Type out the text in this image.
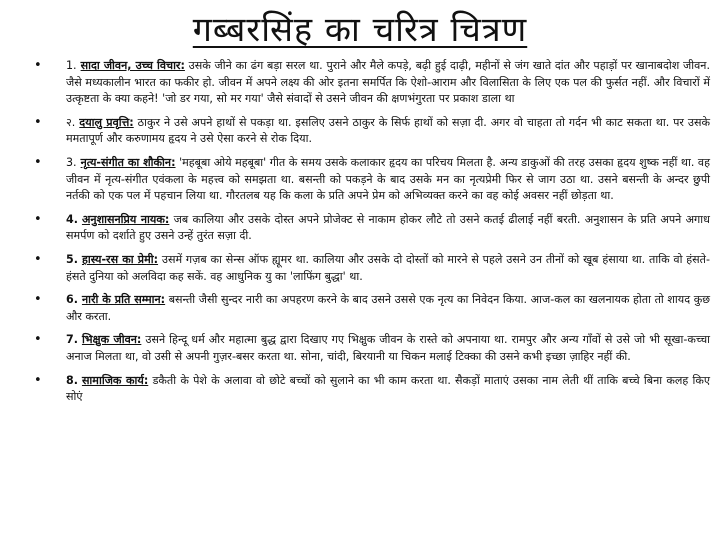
गब्बरसिंह का चरित्र चित्रण
• 1. सादा जीवन, उच्च विचार: उसके जीने का ढंग बड़ा सरल था. पुराने और मैले कपड़े, बढ़ी हुई दाढ़ी, महीनों से जंग खाते दांत और पहाड़ों पर खानाबदोश जीवन. जैसे मध्यकालीन भारत का फकीर हो. जीवन में अपने लक्ष्य की ओर इतना समर्पित कि ऐशो-आराम और विलासिता के लिए एक पल की फुर्सत नहीं. और विचारों में उत्कृष्टता के क्या कहने! 'जो डर गया, सो मर गया' जैसे संवादों से उसने जीवन की क्षणभंगुरता पर प्रकाश डाला था
• २. दयालु प्रवृत्ति: ठाकुर ने उसे अपने हाथों से पकड़ा था. इसलिए उसने ठाकुर के सिर्फ हाथों को सज़ा दी. अगर वो चाहता तो गर्दन भी काट सकता था. पर उसके ममतापूर्ण और करुणामय हृदय ने उसे ऐसा करने से रोक दिया.
• 3. नृत्य-संगीत का शौकीन: 'महबूबा ओये महबूबा' गीत के समय उसके कलाकार हृदय का परिचय मिलता है. अन्य डाकुओं की तरह उसका हृदय शुष्क नहीं था. वह जीवन में नृत्य-संगीत एवंकला के महत्त्व को समझता था. बसन्ती को पकड़ने के बाद उसके मन का नृत्यप्रेमी फिर से जाग उठा था. उसने बसन्ती के अन्दर छुपी नर्तकी को एक पल में पहचान लिया था. गौरतलब यह कि कला के प्रति अपने प्रेम को अभिव्यक्त करने का वह कोई अवसर नहीं छोड़ता था.
• 4. अनुशासनप्रिय नायक: जब कालिया और उसके दोस्त अपने प्रोजेक्ट से नाकाम होकर लौटे तो उसने कतई ढीलाई नहीं बरती. अनुशासन के प्रति अपने अगाध समर्पण को दर्शाते हुए उसने उन्हें तुरंत सज़ा दी.
• 5. हास्य-रस का प्रेमी: उसमें गज़ब का सेन्स ऑफ ह्यूमर था. कालिया और उसके दो दोस्तों को मारने से पहले उसने उन तीनों को खूब हंसाया था. ताकि वो हंसते-हंसते दुनिया को अलविदा कह सकें. वह आधुनिक यु का 'लाफिंग बुद्धा' था.
• 6. नारी के प्रति सम्मान: बसन्ती जैसी सुन्दर नारी का अपहरण करने के बाद उसने उससे एक नृत्य का निवेदन किया. आज-कल का खलनायक होता तो शायद कुछ और करता.
• 7. भिक्षुक जीवन: उसने हिन्दू धर्म और महात्मा बुद्ध द्वारा दिखाए गए भिक्षुक जीवन के रास्ते को अपनाया था. रामपुर और अन्य गाँवों से उसे जो भी सूखा-कच्चा अनाज मिलता था, वो उसी से अपनी गुज़र-बसर करता था. सोना, चांदी, बिरयानी या चिकन मलाई टिक्का की उसने कभी इच्छा ज़ाहिर नहीं की.
• 8. सामाजिक कार्य: डकैती के पेशे के अलावा वो छोटे बच्चों को सुलाने का भी काम करता था. सैकड़ों माताएं उसका नाम लेती थीं ताकि बच्चे बिना कलह किए सोएं
